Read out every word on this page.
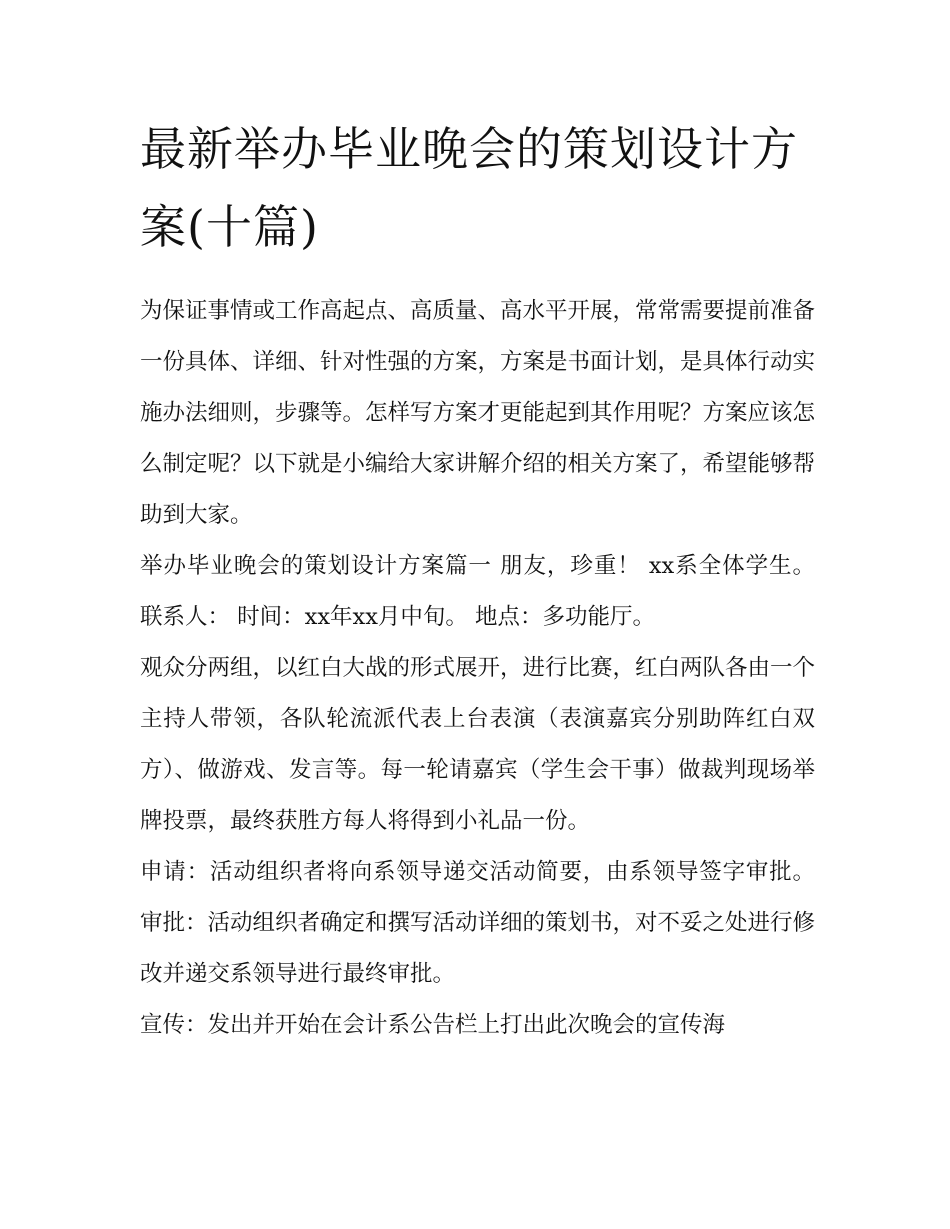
最新举办毕业晚会的策划设计方案(十篇)

为保证事情或工作高起点、高质量、高水平开展，常常需要提前准备一份具体、详细、针对性强的方案，方案是书面计划，是具体行动实施办法细则，步骤等。怎样写方案才更能起到其作用呢？方案应该怎么制定呢？以下就是小编给大家讲解介绍的相关方案了，希望能够帮助到大家。

举办毕业晚会的策划设计方案篇一 朋友，珍重！ xx系全体学生。 联系人： 时间：xx年xx月中旬。 地点：多功能厅。

观众分两组，以红白大战的形式展开，进行比赛，红白两队各由一个主持人带领，各队轮流派代表上台表演（表演嘉宾分别助阵红白双方）、做游戏、发言等。每一轮请嘉宾（学生会干事）做裁判现场举牌投票，最终获胜方每人将得到小礼品一份。

申请：活动组织者将向系领导递交活动简要，由系领导签字审批。 审批：活动组织者确定和撰写活动详细的策划书，对不妥之处进行修改并递交系领导进行最终审批。

宣传：发出并开始在会计系公告栏上打出此次晚会的宣传海
